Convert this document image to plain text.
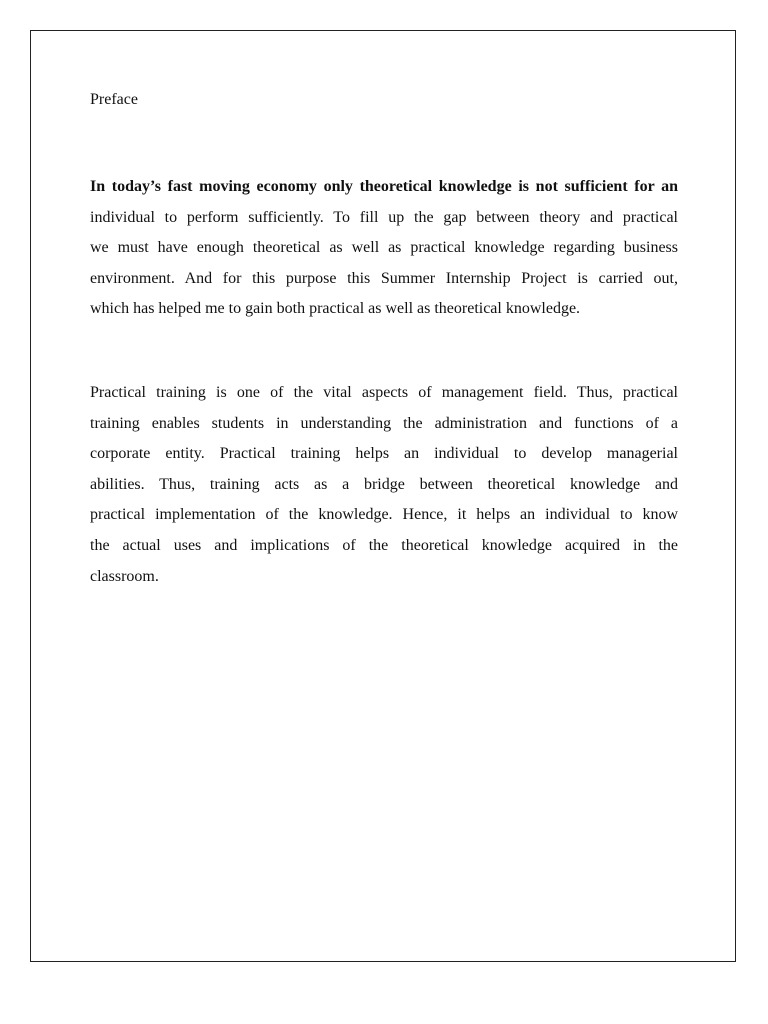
Preface
In today’s fast moving economy only theoretical knowledge is not sufficient for an
individual to perform sufficiently. To fill up the gap between theory and practical
we must have enough theoretical as well as practical knowledge regarding business
environment. And for this purpose this Summer Internship Project is carried out,
which has helped me to gain both practical as well as theoretical knowledge.
Practical training is one of the vital aspects of management field. Thus, practical
training enables students in understanding the administration and functions of a
corporate entity. Practical training helps an individual to develop managerial
abilities. Thus, training acts as a bridge between theoretical knowledge and
practical implementation of the knowledge. Hence, it helps an individual to know
the actual uses and implications of the theoretical knowledge acquired in the
classroom.
